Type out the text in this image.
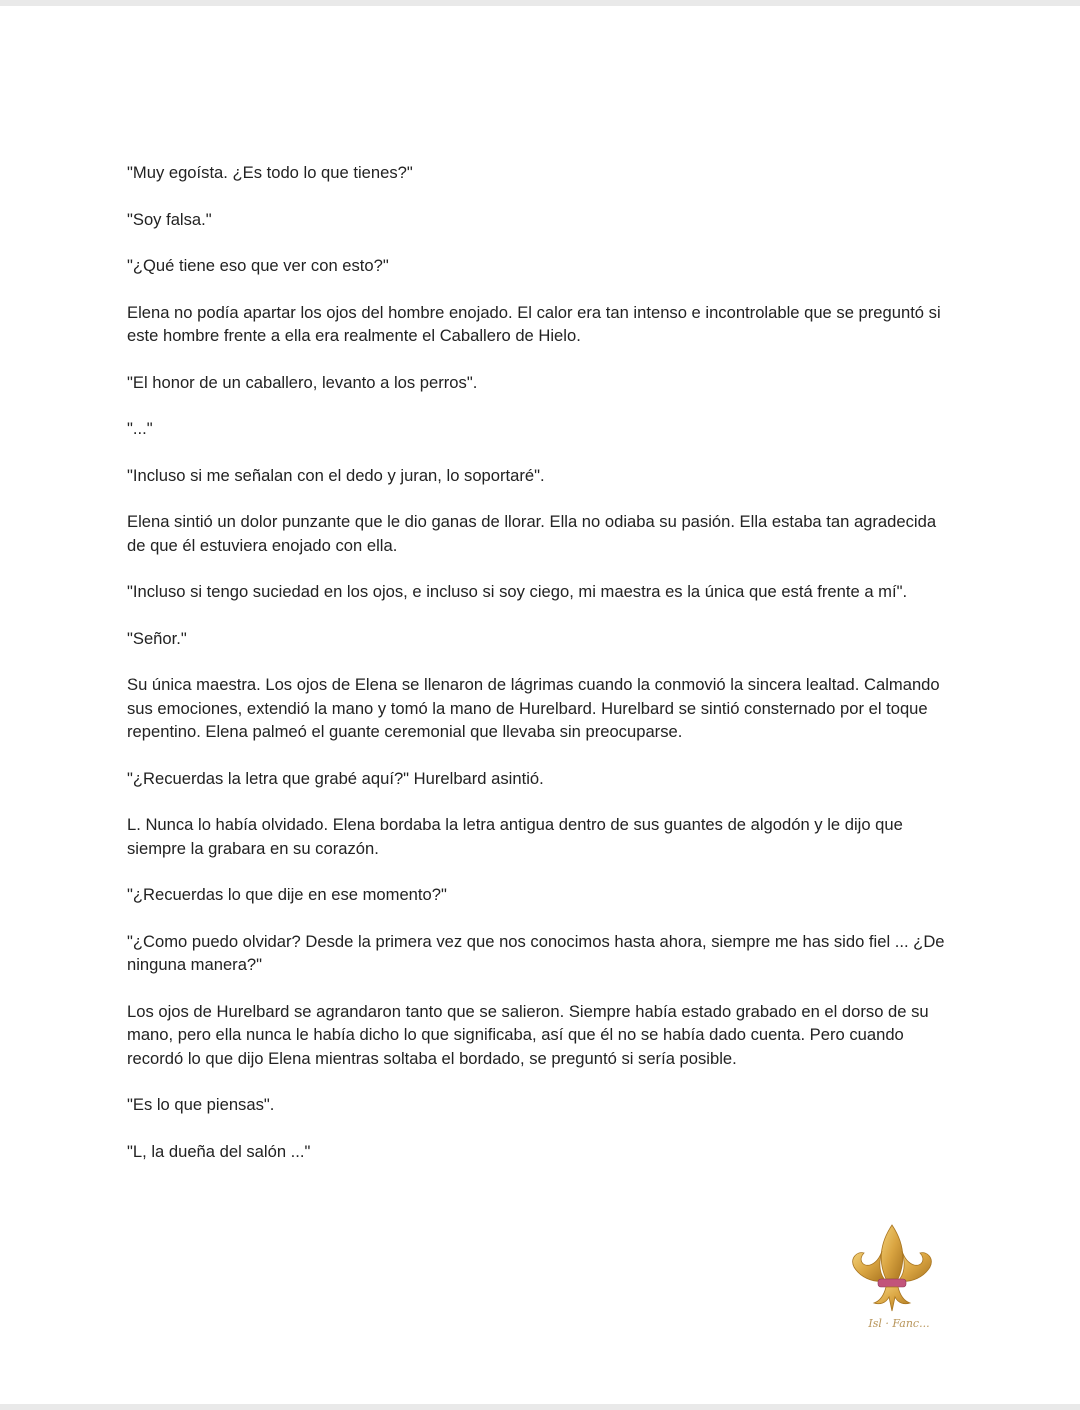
"Muy egoísta. ¿Es todo lo que tienes?"

"Soy falsa."

"¿Qué tiene eso que ver con esto?"

Elena no podía apartar los ojos del hombre enojado. El calor era tan intenso e incontrolable que se preguntó si este hombre frente a ella era realmente el Caballero de Hielo.

"El honor de un caballero, levanto a los perros".

"..."

"Incluso si me señalan con el dedo y juran, lo soportaré".

Elena sintió un dolor punzante que le dio ganas de llorar. Ella no odiaba su pasión. Ella estaba tan agradecida de que él estuviera enojado con ella.

"Incluso si tengo suciedad en los ojos, e incluso si soy ciego, mi maestra es la única que está frente a mí".

"Señor."

Su única maestra. Los ojos de Elena se llenaron de lágrimas cuando la conmovió la sincera lealtad. Calmando sus emociones, extendió la mano y tomó la mano de Hurelbard. Hurelbard se sintió consternado por el toque repentino. Elena palmeó el guante ceremonial que llevaba sin preocuparse.

"¿Recuerdas la letra que grabé aquí?" Hurelbard asintió.

L. Nunca lo había olvidado. Elena bordaba la letra antigua dentro de sus guantes de algodón y le dijo que siempre la grabara en su corazón.

"¿Recuerdas lo que dije en ese momento?"

"¿Como puedo olvidar? Desde la primera vez que nos conocimos hasta ahora, siempre me has sido fiel ... ¿De ninguna manera?"

Los ojos de Hurelbard se agrandaron tanto que se salieron. Siempre había estado grabado en el dorso de su mano, pero ella nunca le había dicho lo que significaba, así que él no se había dado cuenta. Pero cuando recordó lo que dijo Elena mientras soltaba el bordado, se preguntó si sería posible.

"Es lo que piensas".

"L, la dueña del salón ..."

Isl · Fanc...
